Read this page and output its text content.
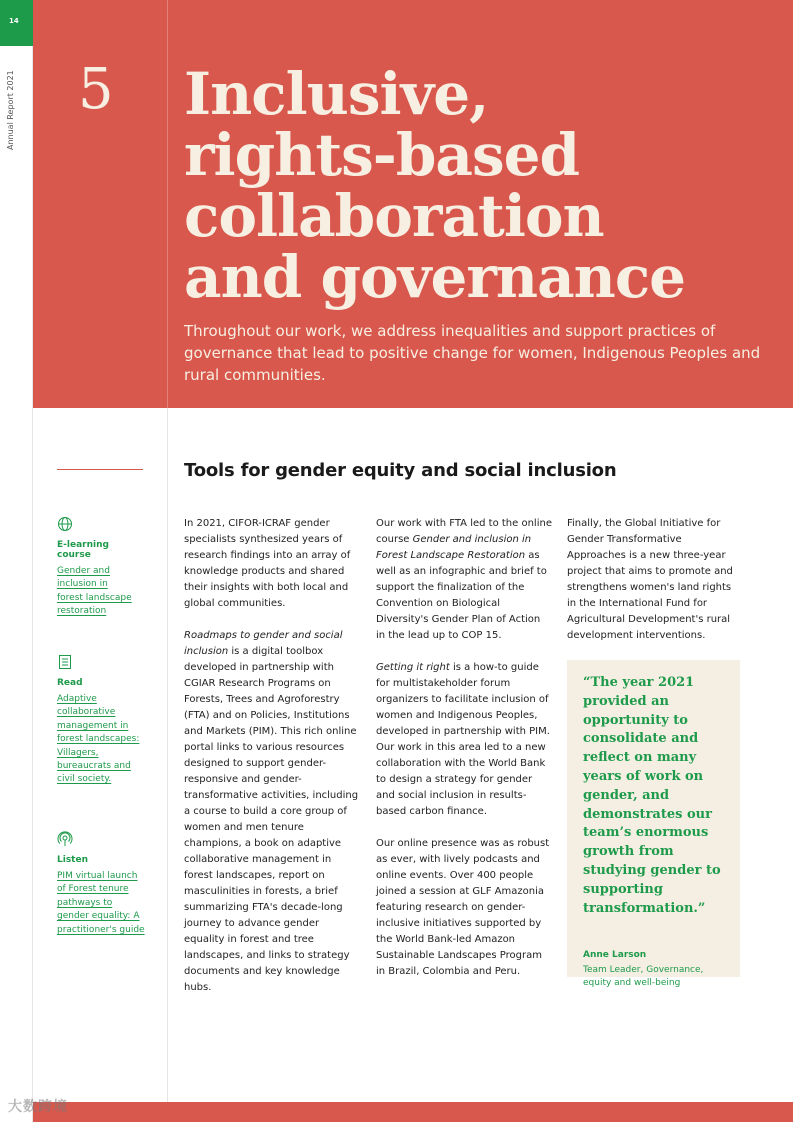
14
Annual Report 2021 5 Inclusive,
rights-based
collaboration
and governance
Throughout our work, we address inequalities and support practices of governance that lead to positive change for women, Indigenous Peoples and rural communities.
E-learning course
Gender and
inclusion in
forest landscape
restoration
Read
Adaptive
collaborative
management in
forest landscapes:
Villagers,
bureaucrats and
civil society.
Listen
PIM virtual launch
of Forest tenure
pathways to
gender equality: A
practitioner's guide
Tools for gender equity and social inclusion

In 2021, CIFOR-ICRAF gender specialists synthesized years of research findings into an array of knowledge products and shared their insights with both local and global communities.

Roadmaps to gender and social inclusion is a digital toolbox developed in partnership with CGIAR Research Programs on Forests, Trees and Agroforestry (FTA) and on Policies, Institutions and Markets (PIM). This rich online portal links to various resources designed to support gender-responsive and gender-transformative activities, including a course to build a core group of women and men tenure champions, a book on adaptive collaborative management in forest landscapes, report on masculinities in forests, a brief summarizing FTA's decade-long journey to advance gender equality in forest and tree landscapes, and links to strategy documents and key knowledge hubs.

Our work with FTA led to the online course Gender and inclusion in Forest Landscape Restoration as well as an infographic and brief to support the finalization of the Convention on Biological Diversity's Gender Plan of Action in the lead up to COP 15.

Getting it right is a how-to guide for multistakeholder forum organizers to facilitate inclusion of women and Indigenous Peoples, developed in partnership with PIM. Our work in this area led to a new collaboration with the World Bank to design a strategy for gender and social inclusion in results-based carbon finance.

Our online presence was as robust as ever, with lively podcasts and online events. Over 400 people joined a session at GLF Amazonia featuring research on gender-inclusive initiatives supported by the World Bank-led Amazon Sustainable Landscapes Program in Brazil, Colombia and Peru.

Finally, the Global Initiative for Gender Transformative Approaches is a new three-year project that aims to promote and strengthens women's land rights in the International Fund for Agricultural Development's rural development interventions.

“The year 2021 provided an opportunity to consolidate and reflect on many years of work on gender, and demonstrates our team’s enormous growth from studying gender to supporting transformation.”
Anne Larson
Team Leader, Governance, equity and well-being
大数跨境
